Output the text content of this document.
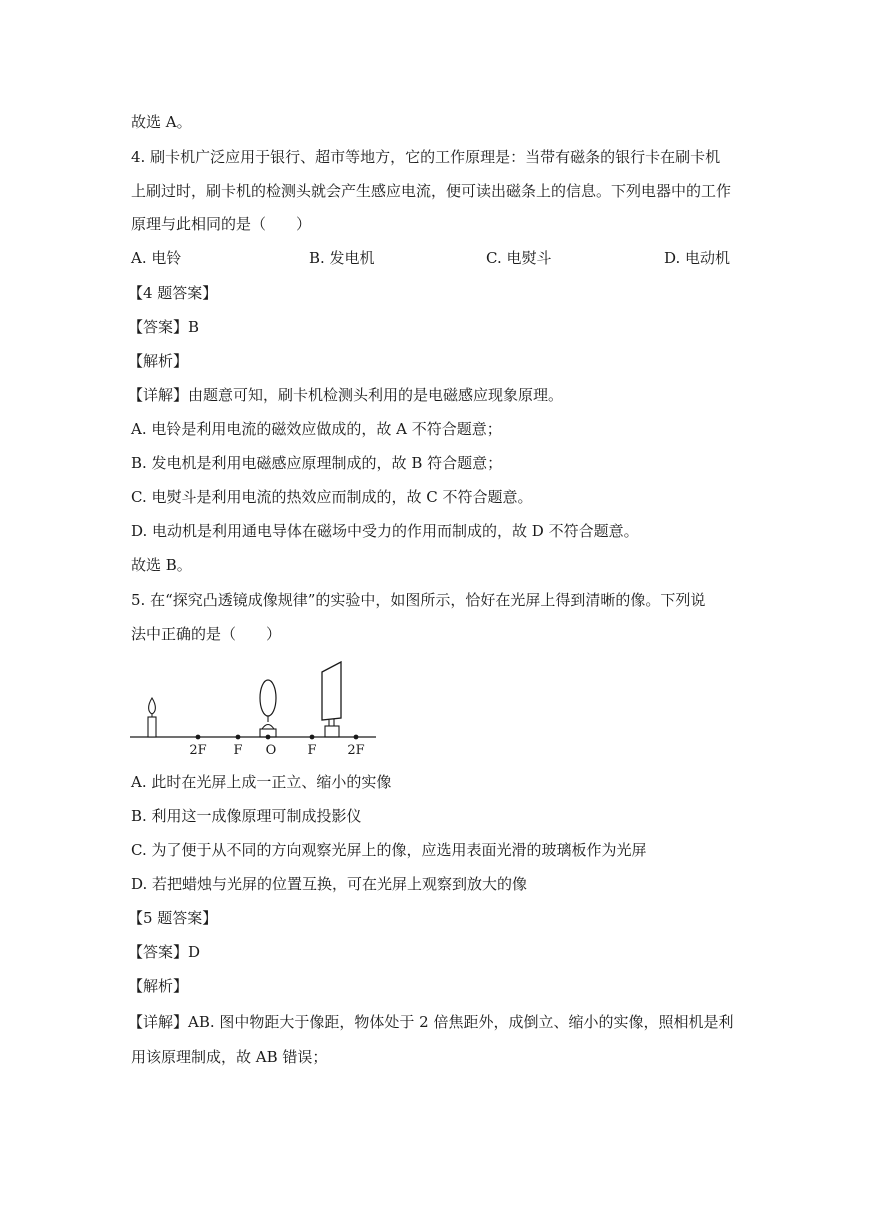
故选 A。
4. 刷卡机广泛应用于银行、超市等地方，它的工作原理是：当带有磁条的银行卡在刷卡机
上刷过时，刷卡机的检测头就会产生感应电流，便可读出磁条上的信息。下列电器中的工作
原理与此相同的是（　　）
A. 电铃	B. 发电机	C. 电熨斗	D. 电动机
【4 题答案】
【答案】B
【解析】
【详解】由题意可知，刷卡机检测头利用的是电磁感应现象原理。
A. 电铃是利用电流的磁效应做成的，故 A 不符合题意；
B. 发电机是利用电磁感应原理制成的，故 B 符合题意；
C. 电熨斗是利用电流的热效应而制成的，故 C 不符合题意。
D. 电动机是利用通电导体在磁场中受力的作用而制成的，故 D 不符合题意。
故选 B。
5. 在“探究凸透镜成像规律”的实验中，如图所示，恰好在光屏上得到清晰的像。下列说
法中正确的是（　　）
2F F O F 2F
A. 此时在光屏上成一正立、缩小的实像
B. 利用这一成像原理可制成投影仪
C. 为了便于从不同的方向观察光屏上的像，应选用表面光滑的玻璃板作为光屏
D. 若把蜡烛与光屏的位置互换，可在光屏上观察到放大的像
【5 题答案】
【答案】D
【解析】
【详解】AB. 图中物距大于像距，物体处于 2 倍焦距外，成倒立、缩小的实像，照相机是利
用该原理制成，故 AB 错误；
